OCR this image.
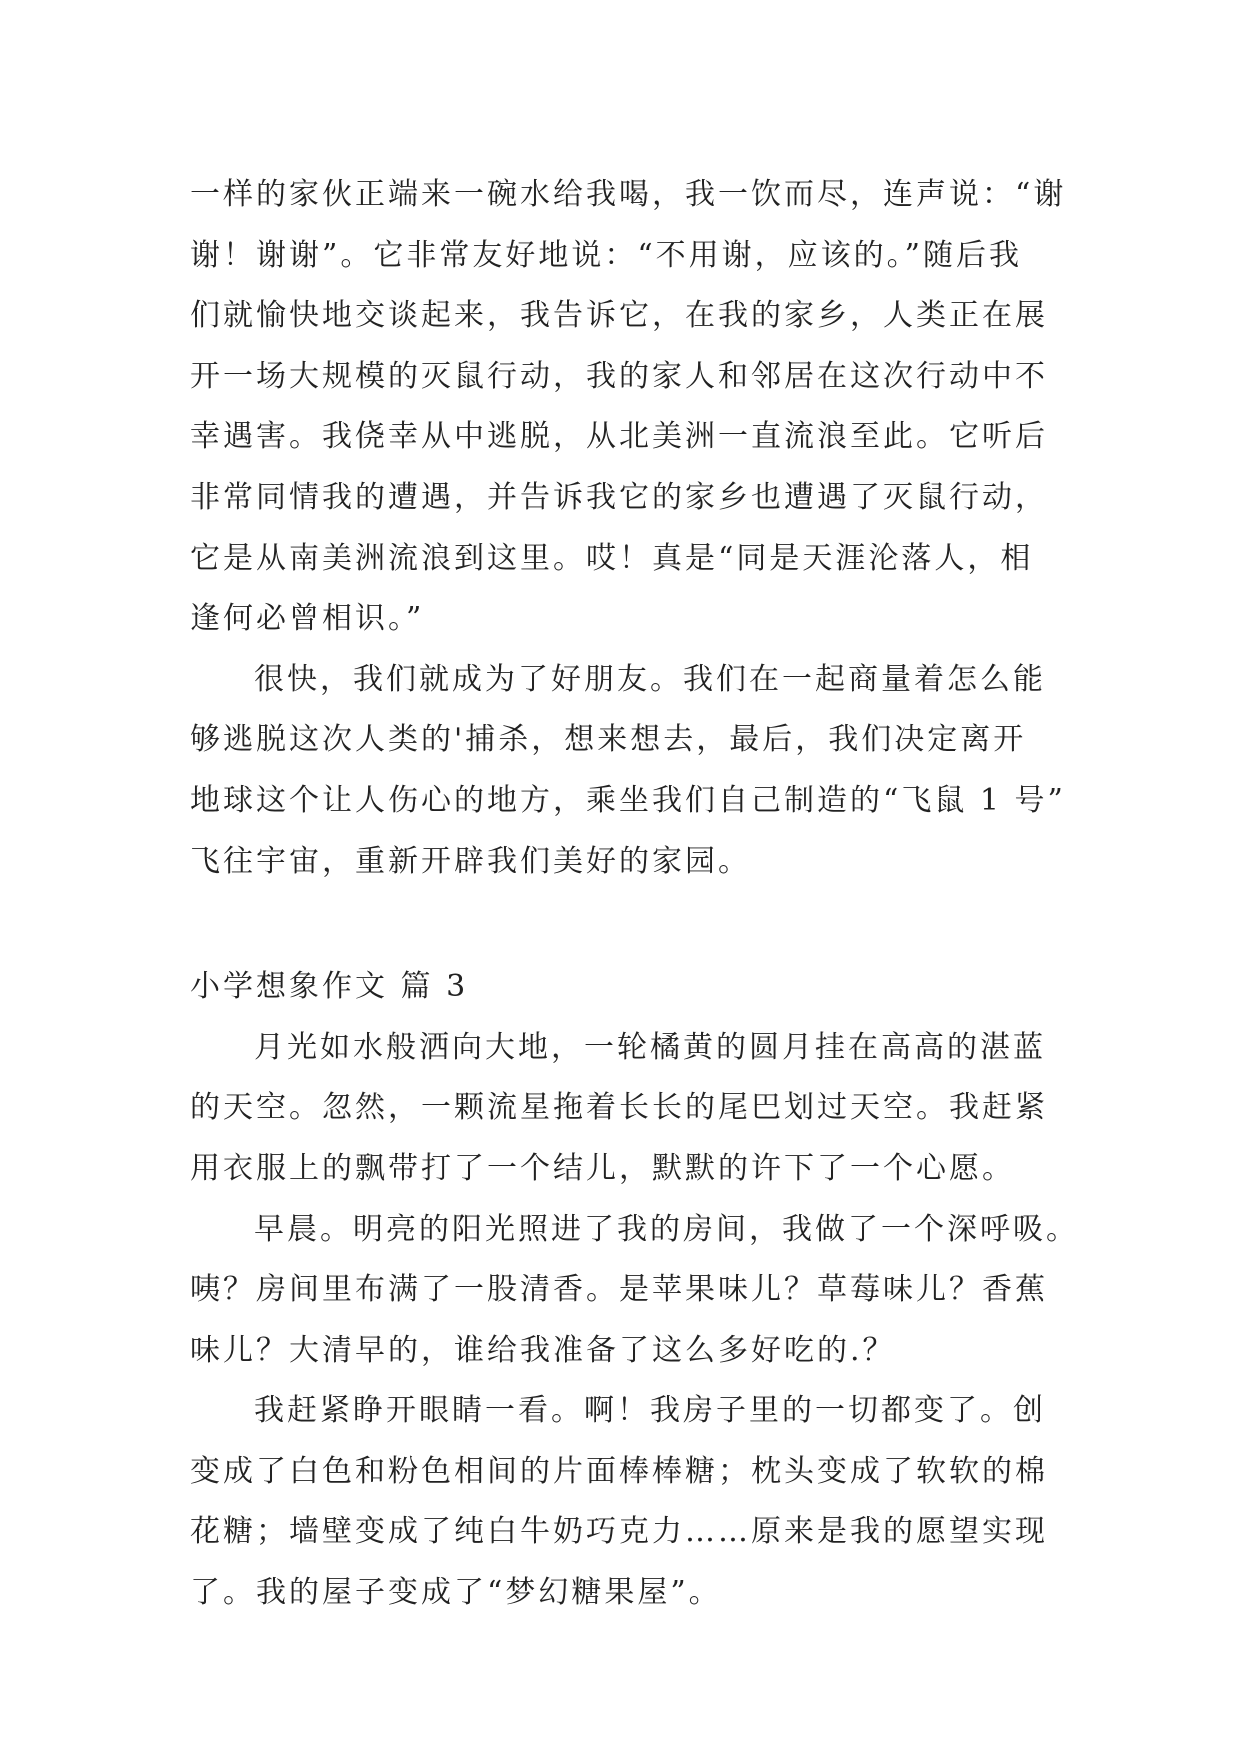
一样的家伙正端来一碗水给我喝，我一饮而尽，连声说：“谢
谢！谢谢”。它非常友好地说：“不用谢，应该的。”随后我
们就愉快地交谈起来，我告诉它，在我的家乡，人类正在展
开一场大规模的灭鼠行动，我的家人和邻居在这次行动中不
幸遇害。我侥幸从中逃脱，从北美洲一直流浪至此。它听后
非常同情我的遭遇，并告诉我它的家乡也遭遇了灭鼠行动，
它是从南美洲流浪到这里。哎！真是“同是天涯沦落人，相
逢何必曾相识。”
很快，我们就成为了好朋友。我们在一起商量着怎么能
够逃脱这次人类的'捕杀，想来想去，最后，我们决定离开
地球这个让人伤心的地方，乘坐我们自己制造的“飞鼠 1 号”
飞往宇宙，重新开辟我们美好的家园。
小学想象作文 篇 3
月光如水般洒向大地，一轮橘黄的圆月挂在高高的湛蓝
的天空。忽然，一颗流星拖着长长的尾巴划过天空。我赶紧
用衣服上的飘带打了一个结儿，默默的许下了一个心愿。
早晨。明亮的阳光照进了我的房间，我做了一个深呼吸。
咦？房间里布满了一股清香。是苹果味儿？草莓味儿？香蕉
味儿？大清早的，谁给我准备了这么多好吃的.？
我赶紧睁开眼睛一看。啊！我房子里的一切都变了。创
变成了白色和粉色相间的片面棒棒糖；枕头变成了软软的棉
花糖；墙壁变成了纯白牛奶巧克力……原来是我的愿望实现
了。我的屋子变成了“梦幻糖果屋”。
